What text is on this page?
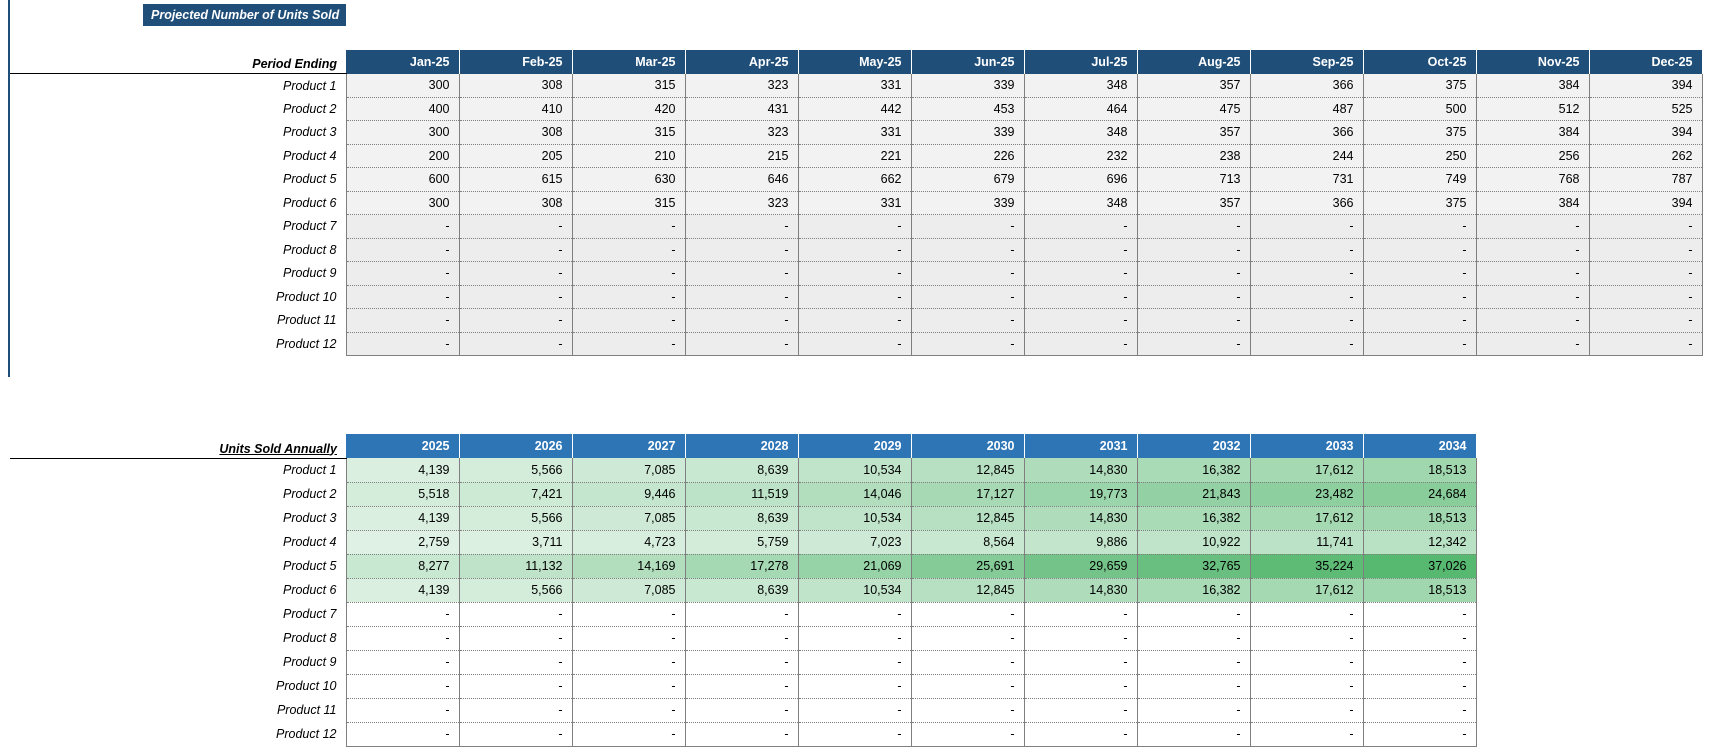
Projected Number of Units Sold
Period Ending	Jan-25	Feb-25	Mar-25	Apr-25	May-25	Jun-25	Jul-25	Aug-25	Sep-25	Oct-25	Nov-25	Dec-25
Product 1	300	308	315	323	331	339	348	357	366	375	384	394
Product 2	400	410	420	431	442	453	464	475	487	500	512	525
Product 3	300	308	315	323	331	339	348	357	366	375	384	394
Product 4	200	205	210	215	221	226	232	238	244	250	256	262
Product 5	600	615	630	646	662	679	696	713	731	749	768	787
Product 6	300	308	315	323	331	339	348	357	366	375	384	394
Product 7	-	-	-	-	-	-	-	-	-	-	-	-
Product 8	-	-	-	-	-	-	-	-	-	-	-	-
Product 9	-	-	-	-	-	-	-	-	-	-	-	-
Product 10	-	-	-	-	-	-	-	-	-	-	-	-
Product 11	-	-	-	-	-	-	-	-	-	-	-	-
Product 12	-	-	-	-	-	-	-	-	-	-	-	-
Units Sold Annually	2025	2026	2027	2028	2029	2030	2031	2032	2033	2034
Product 1	4,139	5,566	7,085	8,639	10,534	12,845	14,830	16,382	17,612	18,513
Product 2	5,518	7,421	9,446	11,519	14,046	17,127	19,773	21,843	23,482	24,684
Product 3	4,139	5,566	7,085	8,639	10,534	12,845	14,830	16,382	17,612	18,513
Product 4	2,759	3,711	4,723	5,759	7,023	8,564	9,886	10,922	11,741	12,342
Product 5	8,277	11,132	14,169	17,278	21,069	25,691	29,659	32,765	35,224	37,026
Product 6	4,139	5,566	7,085	8,639	10,534	12,845	14,830	16,382	17,612	18,513
Product 7	-	-	-	-	-	-	-	-	-	-
Product 8	-	-	-	-	-	-	-	-	-	-
Product 9	-	-	-	-	-	-	-	-	-	-
Product 10	-	-	-	-	-	-	-	-	-	-
Product 11	-	-	-	-	-	-	-	-	-	-
Product 12	-	-	-	-	-	-	-	-	-	-
